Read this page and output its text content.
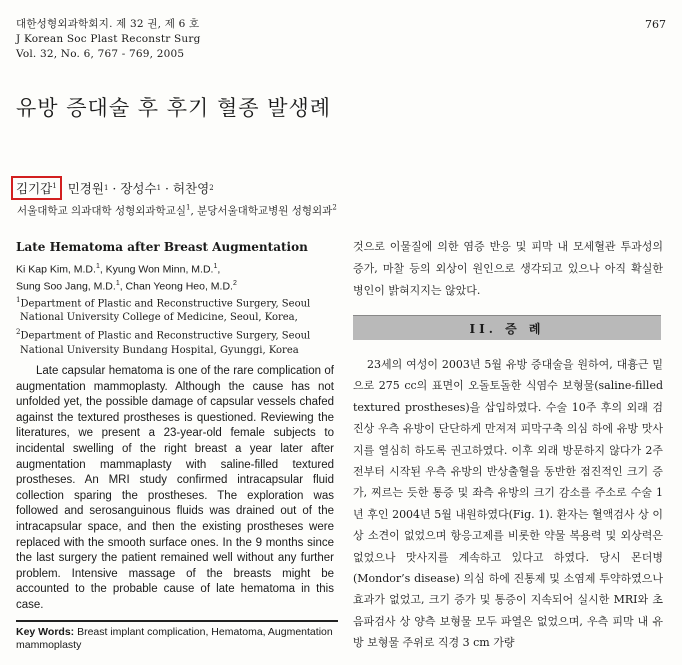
대한성형외과학회지. 제 32 권, 제 6 호
J Korean Soc Plast Reconstr Surg
Vol. 32, No. 6, 767 - 769, 2005
767
유방 증대술 후 후기 혈종 발생례
김기갑$^1$ 민경원 1 · 장성수 1 · 허찬영 2
서울대학교 의과대학 성형외과학교실$^1$, 분당서울대학교병원 성형외과$^2$
Late Hematoma after Breast Augmentation
Ki Kap Kim, M.D.$^1$, Kyung Won Minn, M.D.$^1$,
Sung Soo Jang, M.D.$^1$, Chan Yeong Heo, M.D.$^2$
$^1$Department of Plastic and Reconstructive Surgery, Seoul
National University College of Medicine, Seoul, Korea,
$^2$Department of Plastic and Reconstructive Surgery, Seoul
National University Bundang Hospital, Gyunggi, Korea
Late capsular hematoma is one of the rare complication of augmentation mammoplasty. Although the cause has not unfolded yet, the possible damage of capsular vessels chafed against the textured prostheses is questioned. Reviewing the literatures, we present a 23-year-old female subjects to incidental swelling of the right breast a year later after augmentation mammaplasty with saline-filled textured prostheses. An MRI study confirmed intracapsular fluid collection sparing the prostheses. The exploration was followed and serosanguinous fluids was drained out of the intracapsular space, and then the existing prostheses were replaced with the smooth surface ones. In the 9 months since the last surgery the patient remained well without any further problem. Intensive massage of the breasts might be accounted to the probable cause of late hematoma in this case.
Key Words: Breast implant complication, Hematoma, Augmentation mammoplasty
것으로 이물질에 의한 염증 반응 및 피막 내 모세혈관 투과성의 증가, 마찰 등의 외상이 원인으로 생각되고 있으나 아직 확실한 병인이 밝혀지지는 않았다.
II. 증 례
23세의 여성이 2003년 5월 유방 증대술을 원하여, 대흉근 밑으로 275 cc의 표면이 오돌토돌한 식염수 보형물(saline-filled textured prostheses)을 삽입하였다. 수술 10주 후의 외래 검진상 우측 유방이 단단하게 만져져 피막구축 의심 하에 유방 맛사지를 열심히 하도록 권고하였다. 이후 외래 방문하지 않다가 2주 전부터 시작된 우측 유방의 반상출혈을 동반한 점진적인 크기 증가, 찌르는 듯한 통증 및 좌측 유방의 크기 감소를 주소로 수술 1년 후인 2004년 5월 내원하였다(Fig. 1). 환자는 혈액검사 상 이상 소견이 없었으며 항응고제를 비롯한 약물 복용력 및 외상력은 없었으나 맛사지를 계속하고 있다고 하였다. 당시 몬더병(Mondor’s disease) 의심 하에 진통제 및 소염제 투약하였으나 효과가 없었고, 크기 증가 및 통증이 지속되어 실시한 MRI와 초음파검사 상 양측 보형물 모두 파열은 없었으며, 우측 피막 내 유방 보형물 주위로 직경 3 cm 가량
